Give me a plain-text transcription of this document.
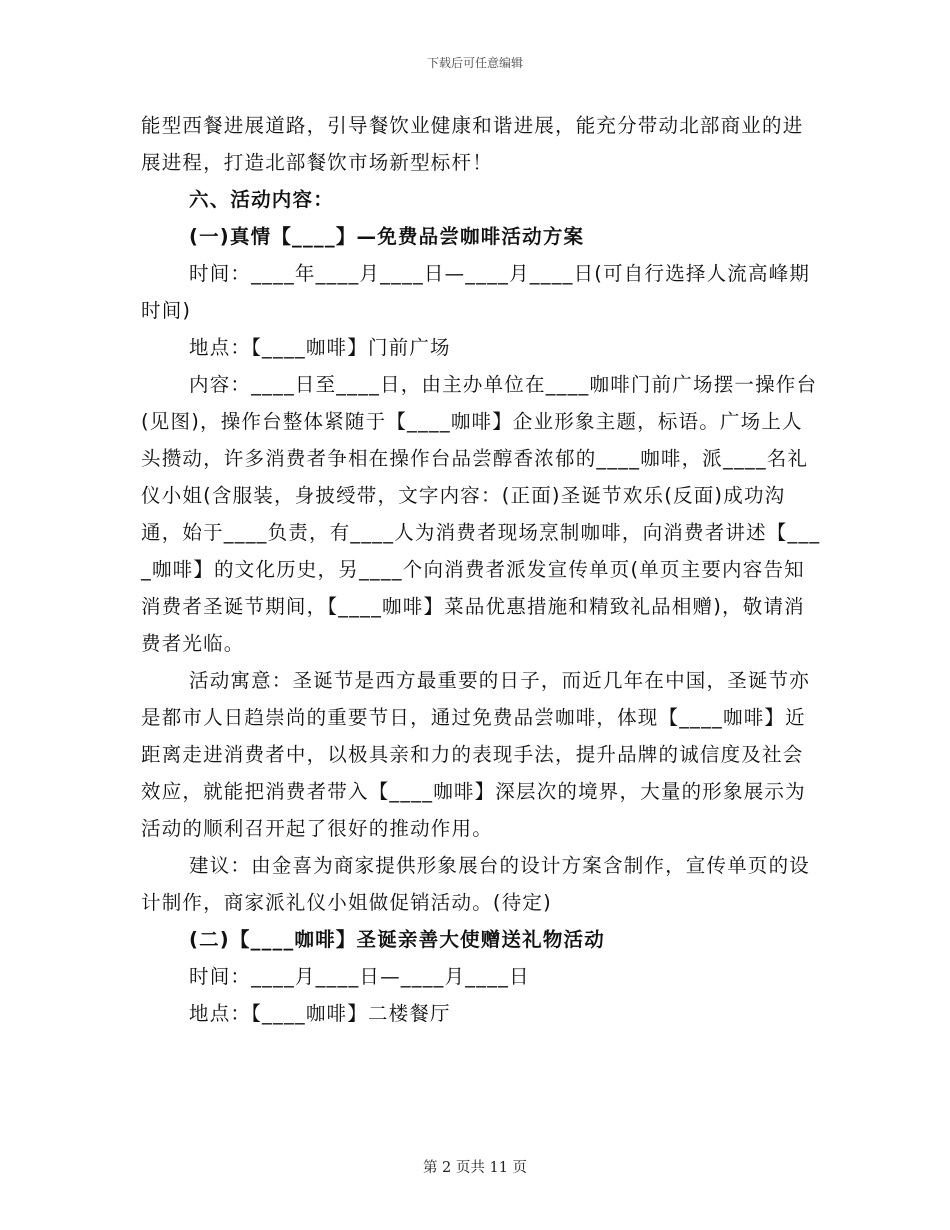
下载后可任意编辑

能型西餐进展道路，引导餐饮业健康和谐进展，能充分带动北部商业的进展进程，打造北部餐饮市场新型标杆！

六、活动内容：

(一)真情【____】—免费品尝咖啡活动方案

时间：____年____月____日—____月____日(可自行选择人流高峰期时间)

地点：【____咖啡】门前广场

内容：____日至____日，由主办单位在____咖啡门前广场摆一操作台(见图)，操作台整体紧随于【____咖啡】企业形象主题，标语。广场上人头攒动，许多消费者争相在操作台品尝醇香浓郁的____咖啡，派____名礼仪小姐(含服装，身披绶带，文字内容：(正面)圣诞节欢乐(反面)成功沟通，始于____负责，有____人为消费者现场烹制咖啡，向消费者讲述【____咖啡】的文化历史，另____个向消费者派发宣传单页(单页主要内容告知消费者圣诞节期间，【____咖啡】菜品优惠措施和精致礼品相赠)，敬请消费者光临。

活动寓意：圣诞节是西方最重要的日子，而近几年在中国，圣诞节亦是都市人日趋崇尚的重要节日，通过免费品尝咖啡，体现【____咖啡】近距离走进消费者中，以极具亲和力的表现手法，提升品牌的诚信度及社会效应，就能把消费者带入【____咖啡】深层次的境界，大量的形象展示为活动的顺利召开起了很好的推动作用。

建议：由金喜为商家提供形象展台的设计方案含制作，宣传单页的设计制作，商家派礼仪小姐做促销活动。(待定)

(二)【____咖啡】圣诞亲善大使赠送礼物活动

时间：____月____日—____月____日

地点：【____咖啡】二楼餐厅

第 2 页共 11 页
